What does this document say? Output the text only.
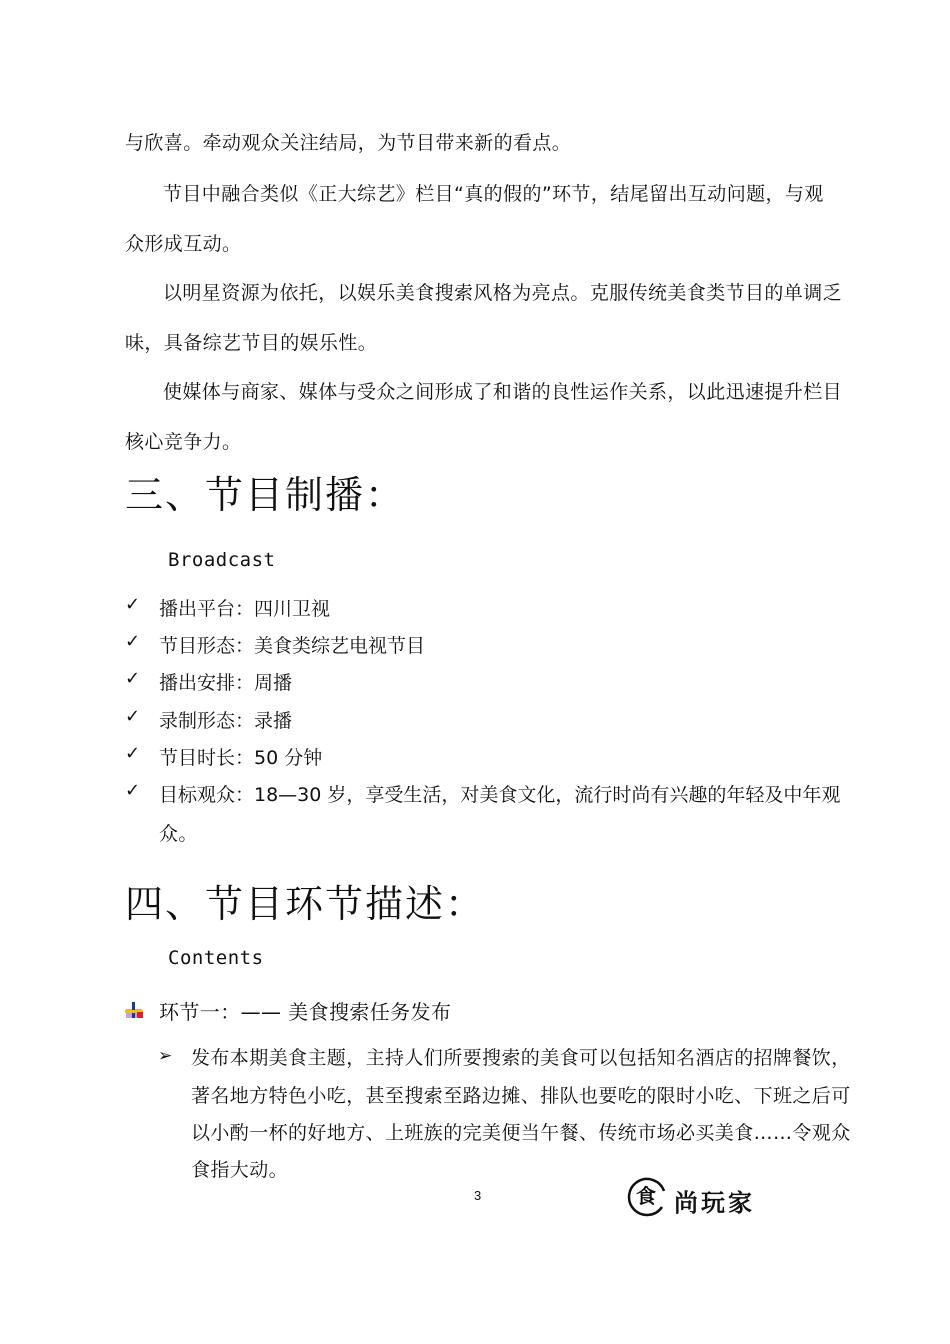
与欣喜。牵动观众关注结局，为节目带来新的看点。
节目中融合类似《正大综艺》栏目“真的假的”环节，结尾留出互动问题，与观
众形成互动。
以明星资源为依托，以娱乐美食搜索风格为亮点。克服传统美食类节目的单调乏
味，具备综艺节目的娱乐性。
使媒体与商家、媒体与受众之间形成了和谐的良性运作关系，以此迅速提升栏目
核心竞争力。
三、节目制播：
Broadcast
✓ 播出平台：四川卫视
✓ 节目形态：美食类综艺电视节目
✓ 播出安排：周播
✓ 录制形态：录播
✓ 节目时长：50 分钟
✓ 目标观众：18—30 岁，享受生活，对美食文化，流行时尚有兴趣的年轻及中年观
众。
四、节目环节描述：
Contents
环节一：—— 美食搜索任务发布
➢ 发布本期美食主题，主持人们所要搜索的美食可以包括知名酒店的招牌餐饮，
著名地方特色小吃，甚至搜索至路边摊、排队也要吃的限时小吃、下班之后可
以小酌一杯的好地方、上班族的完美便当午餐、传统市场必买美食……令观众
食指大动。
3	食 尚玩家
